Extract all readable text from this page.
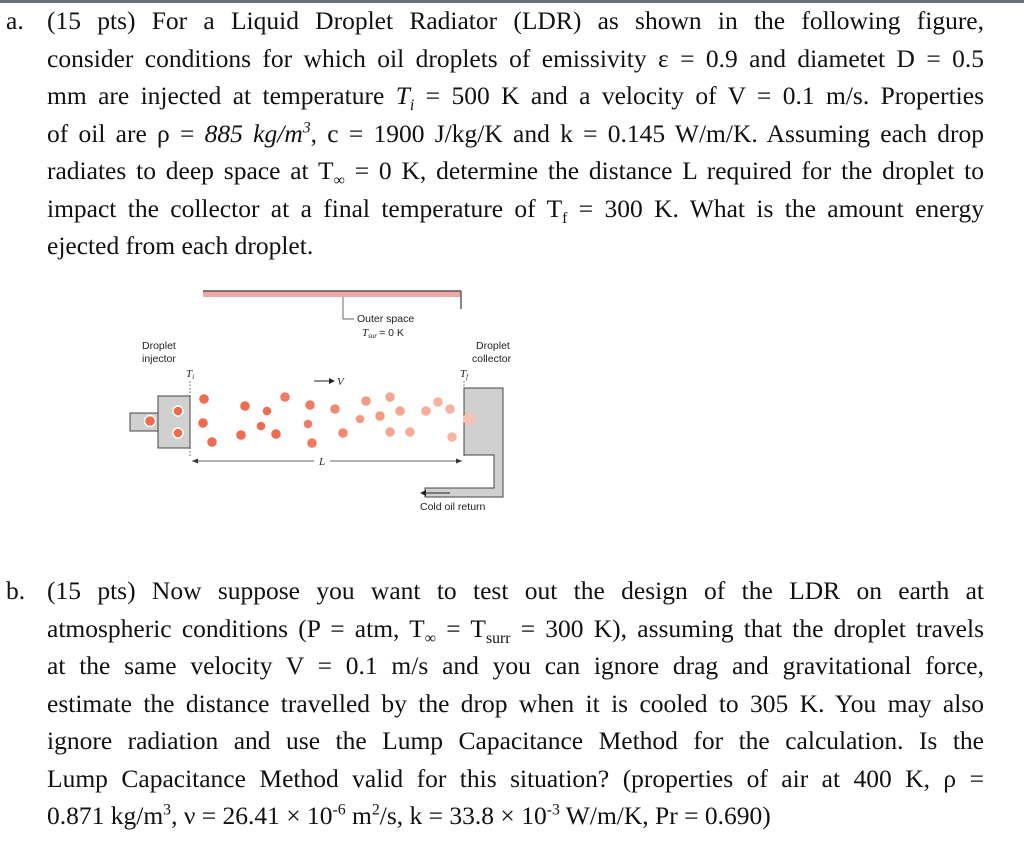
a. (15 pts) For a Liquid Droplet Radiator (LDR) as shown in the following figure,
consider conditions for which oil droplets of emissivity ε = 0.9 and diametet D = 0.5
mm are injected at temperature $T_i = 500$ K and a velocity of V = 0.1 m/s. Properties
of oil are ρ = 885 $kg/m^3$, c = 1900 J/kg/K and k = 0.145 W/m/K. Assuming each drop
radiates to deep space at $T_\infty = 0$ K, determine the distance L required for the droplet to
impact the collector at a final temperature of $T_f = 300$ K. What is the amount energy
ejected from each droplet.
Outer space
Tsur = 0 K
Droplet
injector
Ti
Droplet
collector
Tf
V
L
Cold oil return
b. (15 pts) Now suppose you want to test out the design of the LDR on earth at
atmospheric conditions (P = atm, $T_\infty = T_{surr} = 300$ K), assuming that the droplet travels
at the same velocity V = 0.1 m/s and you can ignore drag and gravitational force,
estimate the distance travelled by the drop when it is cooled to 305 K. You may also
ignore radiation and use the Lump Capacitance Method for the calculation. Is the
Lump Capacitance Method valid for this situation? (properties of air at 400 K, ρ =
0.871 $kg/m^3$, $\nu = 26.41 \times 10^{-6}$ $m^2/s$, $k = 33.8 \times 10^{-3}$ W/m/K, Pr = 0.690)
